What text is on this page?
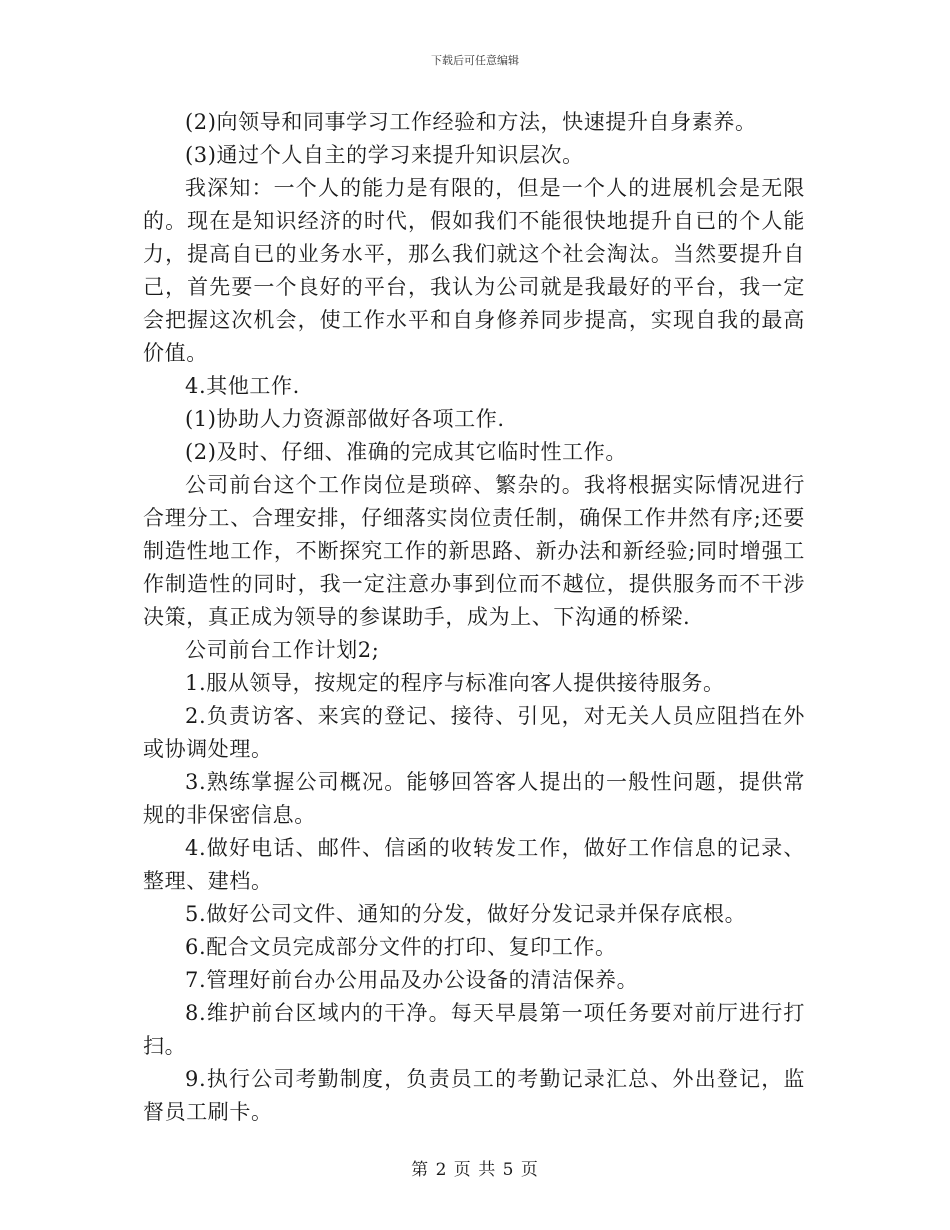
下载后可任意编辑

(2)向领导和同事学习工作经验和方法，快速提升自身素养。

(3)通过个人自主的学习来提升知识层次。

我深知：一个人的能力是有限的，但是一个人的进展机会是无限的。现在是知识经济的时代，假如我们不能很快地提升自已的个人能力，提高自已的业务水平，那么我们就这个社会淘汰。当然要提升自己，首先要一个良好的平台，我认为公司就是我最好的平台，我一定会把握这次机会，使工作水平和自身修养同步提高，实现自我的最高价值。

4.其他工作.

(1)协助人力资源部做好各项工作.

(2)及时、仔细、准确的完成其它临时性工作。

公司前台这个工作岗位是琐碎、繁杂的。我将根据实际情况进行合理分工、合理安排，仔细落实岗位责任制，确保工作井然有序;还要制造性地工作，不断探究工作的新思路、新办法和新经验;同时增强工作制造性的同时，我一定注意办事到位而不越位，提供服务而不干涉决策，真正成为领导的参谋助手，成为上、下沟通的桥梁.

公司前台工作计划2;

1.服从领导，按规定的程序与标准向客人提供接待服务。

2.负责访客、来宾的登记、接待、引见，对无关人员应阻挡在外或协调处理。

3.熟练掌握公司概况。能够回答客人提出的一般性问题，提供常规的非保密信息。

4.做好电话、邮件、信函的收转发工作，做好工作信息的记录、整理、建档。

5.做好公司文件、通知的分发，做好分发记录并保存底根。

6.配合文员完成部分文件的打印、复印工作。

7.管理好前台办公用品及办公设备的清洁保养。

8.维护前台区域内的干净。每天早晨第一项任务要对前厅进行打扫。

9.执行公司考勤制度，负责员工的考勤记录汇总、外出登记，监督员工刷卡。

第 2 页 共 5 页
